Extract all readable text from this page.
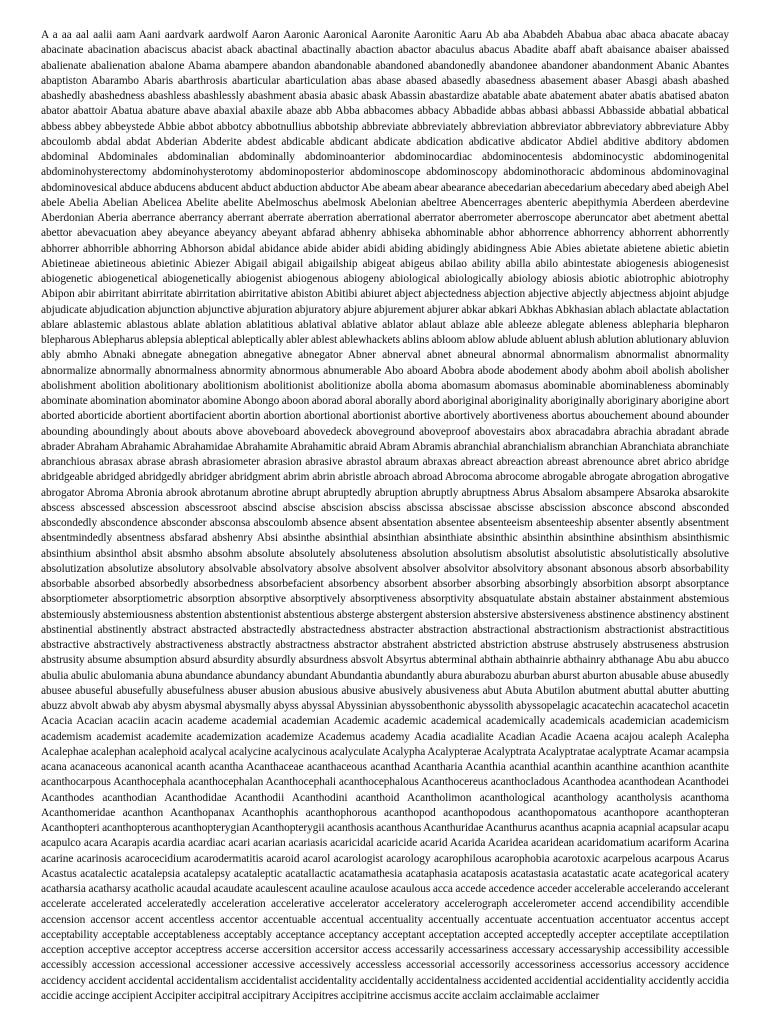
A a aa aal aalii aam Aani aardvark aardwolf Aaron Aaronic Aaronical Aaronite Aaronitic Aaru Ab aba Ababdeh Ababua abac abaca abacate abacay abacinate abacination abaciscus abacist aback abactinal abactinally abaction abactor abaculus abacus Abadite abaff abaft abaisance abaiser abaissed abalienate abalienation abalone Abama abampere abandon abandonable abandoned abandonedly abandonee abandoner abandonment Abanic Abantes abaptiston Abarambo Abaris abarthrosis abarticular abarticulation abas abase abased abasedly abasedness abasement abaser Abasgi abash abashed abashedly abashedness abashless abashlessly abashment abasia abasic abask Abassin abastardize abatable abate abatement abater abatis abatised abaton abator abattoir Abatua abature abave abaxial abaxile abaze abb Abba abbacomes abbacy Abbadide abbas abbasi abbassi Abbasside abbatial abbatical abbess abbey abbeystede Abbie abbot abbotcy abbotnullius abbotship abbreviate abbreviately abbreviation abbreviator abbreviatory abbreviature Abby abcoulomb abdal abdat Abderian Abderite abdest abdicable abdicant abdicate abdication abdicative abdicator Abdiel abditive abditory abdomen abdominal Abdominales abdominalian abdominally abdominoanterior abdominocardiac abdominocentesis abdominocystic abdominogenital abdominohysterectomy abdominohysterotomy abdominoposterior abdominoscope abdominoscopy abdominothoracic abdominous abdominovaginal abdominovesical abduce abducens abducent abduct abduction abductor Abe abeam abear abearance abecedarian abecedarium abecedary abed abeigh Abel abele Abelia Abelian Abelicea Abelite abelite Abelmoschus abelmosk Abelonian abeltree Abencerrages abenteric abepithymia Aberdeen aberdevine Aberdonian Aberia aberrance aberrancy aberrant aberrate aberration aberrational aberrator aberrometer aberroscope aberuncator abet abetment abettal abettor abevacuation abey abeyance abeyancy abeyant abfarad abhenry abhiseka abhominable abhor abhorrence abhorrency abhorrent abhorrently abhorrer abhorrible abhorring Abhorson abidal abidance abide abider abidi abiding abidingly abidingness Abie Abies abietate abietene abietic abietin Abietineae abietineous abietinic Abiezer Abigail abigail abigailship abigeat abigeus abilao ability abilla abilo abintestate abiogenesis abiogenesist abiogenetic abiogenetical abiogenetically abiogenist abiogenous abiogeny abiological abiologically abiology abiosis abiotic abiotrophic abiotrophy Abipon abir abirritant abirritate abirritation abirritative abiston Abitibi abiuret abject abjectedness abjection abjective abjectly abjectness abjoint abjudge abjudicate abjudication abjunction abjunctive abjuration abjuratory abjure abjurement abjurer abkar abkari Abkhas Abkhasian ablach ablactate ablactation ablare ablastemic ablastous ablate ablation ablatitious ablatival ablative ablator ablaut ablaze able ableeze ablegate ableness ablepharia blepharon blepharous Ablepharus ablepsia ableptical ableptically abler ablest ablewhackets ablins abloom ablow ablude abluent ablush ablution ablutionary abluvion ably abmho Abnaki abnegate abnegation abnegative abnegator Abner abnerval abnet abneural abnormal abnormalism abnormalist abnormality abnormalize abnormally abnormalness abnormity abnormous abnumerable Abo aboard Abobra abode abodement abody abohm aboil abolish abolisher abolishment abolition abolitionary abolitionism abolitionist abolitionize abolla aboma abomasum abomasus abominable abominableness abominably abominate abomination abominator abomine Abongo aboon aborad aboral aborally abord aboriginal aboriginality aboriginally aboriginary aborigine abort aborted aborticide abortient abortifacient abortin abortion abortional abortionist abortive abortively abortiveness abortus abouchement abound abounder abounding aboundingly about abouts above aboveboard abovedeck aboveground aboveproof abovestairs abox abracadabra abrachia abradant abrade abrader Abraham Abrahamic Abrahamidae Abrahamite Abrahamitic abraid Abram Abramis abranchial abranchialism abranchian Abranchiata abranchiate abranchious abrasax abrase abrash abrasiometer abrasion abrasive abrastol abraum abraxas abreact abreaction abreast abrenounce abret abrico abridge abridgeable abridged abridgedly abridger abridgment abrim abrin abristle abroach abroad Abrocoma abrocome abrogable abrogate abrogation abrogative abrogator Abroma Abronia abrook abrotanum abrotine abrupt abruptedly abruption abruptly abruptness Abrus Absalom absampere Absaroka absarokite abscess abscessed abscession abscessroot abscind abscise abscision absciss abscissa abscissae abscisse abscission absconce abscond absconded abscondedly abscondence absconder absconsa abscoulomb absence absent absentation absentee absenteeism absenteeship absenter absently absentment absentmindedly absentness absfarad abshenry Absi absinthe absinthial absinthian absinthiate absinthic absinthin absinthine absinthism absinthismic absinthium absinthol absit absmho absohm absolute absolutely absoluteness absolution absolutism absolutist absolutistic absolutistically absolutive absolutization absolutize absolutory absolvable absolvatory absolve absolvent absolver absolvitor absolvitory absonant absonous absorb absorbability absorbable absorbed absorbedly absorbedness absorbefacient absorbency absorbent absorber absorbing absorbingly absorbition absorpt absorptance absorptiometer absorptiometric absorption absorptive absorptively absorptiveness absorptivity absquatulate abstain abstainer abstainment abstemious abstemiously abstemiousness abstention abstentionist abstentious absterge abstergent abstersion abstersive abstersiveness abstinence abstinency abstinent abstinential abstinently abstract abstracted abstractedly abstractedness abstracter abstraction abstractional abstractionism abstractionist abstractitious abstractive abstractively abstractiveness abstractly abstractness abstractor abstrahent abstricted abstriction abstruse abstrusely abstruseness abstrusion abstrusity absume absumption absurd absurdity absurdly absurdness absvolt Absyrtus abterminal abthain abthainrie abthainry abthanage Abu abu abucco abulia abulic abulomania abuna abundance abundancy abundant Abundantia abundantly abura aburabozu aburban aburst aburton abusable abuse abusedly abusee abuseful abusefully abusefulness abuser abusion abusious abusive abusively abusiveness abut Abuta Abutilon abutment abuttal abutter abutting abuzz abvolt abwab aby abysm abysmal abysmally abyss abyssal Abyssinian abyssobenthonic abyssolith abyssopelagic acacatechin acacatechol acacetin Acacia Acacian acaciin acacin academe academial academian Academic academic academical academically academicals academician academicism academism academist academite academization academize Academus academy Acadia acadialite Acadian Acadie Acaena acajou acaleph Acalepha Acalephae acalephan acalephoid acalycal acalycine acalycinous acalyculate Acalypha Acalypterae Acalyptrata Acalyptratae acalyptrate Acamar acampsia acana acanaceous acanonical acanth acantha Acanthaceae acanthaceous acanthad Acantharia Acanthia acanthial acanthin acanthine acanthion acanthite acanthocarpous Acanthocephala acanthocephalan Acanthocephali acanthocephalous Acanthocereus acanthocladous Acanthodea acanthodean Acanthodei Acanthodes acanthodian Acanthodidae Acanthodii Acanthodini acanthoid Acantholimon acanthological acanthology acantholysis acanthoma Acanthomeridae acanthon Acanthopanax Acanthophis acanthophorous acanthopod acanthopodous acanthopomatous acanthopore acanthopteran Acanthopteri acanthopterous acanthopterygian Acanthopterygii acanthosis acanthous Acanthuridae Acanthurus acanthus acapnia acapnial acapsular acapu acapulco acara Acarapis acardia acardiac acari acarian acariasis acaricidal acaricide acarid Acarida Acaridea acaridean acaridomatium acariform Acarina acarine acarinosis acarocecidium acarodermatitis acaroid acarol acarologist acarology acarophilous acarophobia acarotoxic acarpelous acarpous Acarus Acastus acatalectic acatalepsia acatalepsy acataleptic acatallactic acatamathesia acataphasia acataposis acatastasia acatastatic acate acategorical acatery acatharsia acatharsy acatholic acaudal acaudate acaulescent acauline acaulose acaulous acca accede accedence acceder accelerable accelerando accelerant accelerate accelerated acceleratedly acceleration accelerative accelerator acceleratory accelerograph accelerometer accend accendibility accendible accension accensor accent accentless accentor accentuable accentual accentuality accentually accentuate accentuation accentuator accentus accept acceptability acceptable acceptableness acceptably acceptance acceptancy acceptant acceptation accepted acceptedly accepter acceptilate acceptilation acception acceptive acceptor acceptress accerse accersition accersitor access accessarily accessariness accessary accessaryship accessibility accessible accessibly accession accessional accessioner accessive accessively accessless accessorial accessorily accessoriness accessorius accessory accidence accidency accident accidental accidentalism accidentalist accidentality accidentally accidentalness accidented accidential accidentiality accidently accidia accidie accinge accipient Accipiter accipitral accipitrary Accipitres accipitrine accismus accite acclaim acclaimable acclaimer
